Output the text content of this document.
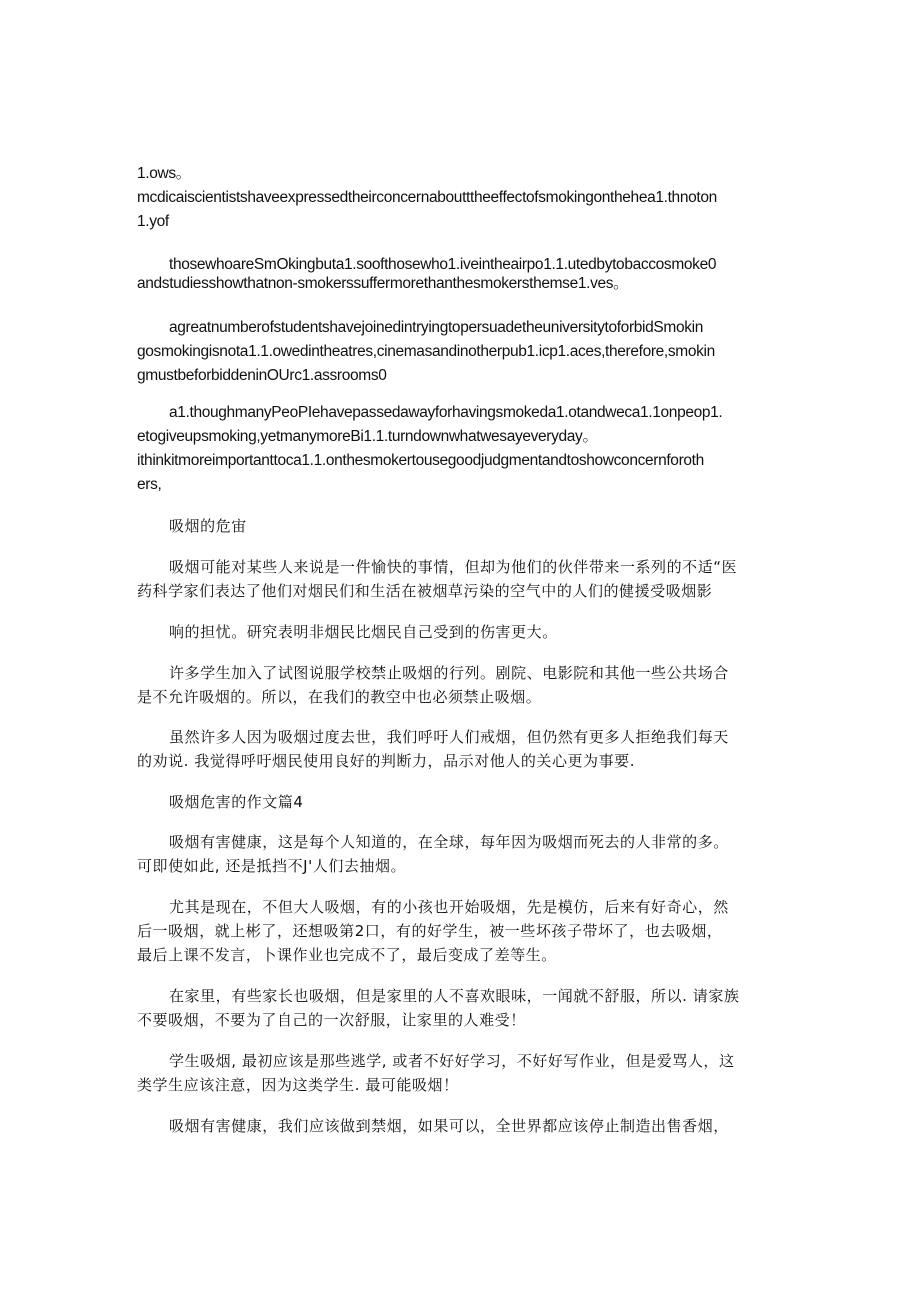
1.ows。
mcdicaiscientistshaveexpressedtheirconcernaboutttheeffectofsmokingonthehea1.thnoton
1.yof
thosewhoareSmOkingbuta1.soofthosewho1.iveintheairpo1.1.utedbytobaccosmoke0
andstudiesshowthatnon-smokerssuffermorethanthesmokersthemse1.ves。
agreatnumberofstudentshavejoinedintryingtopersuadetheuniversitytoforbidSmokin
gosmokingisnota1.1.owedintheatres,cinemasandinotherpub1.icp1.aces,therefore,smokin
gmustbeforbiddeninOUrc1.assrooms0
a1.thoughmanyPeoPIehavepassedawayforhavingsmokeda1.otandweca1.1onpeop1.
etogiveupsmoking,yetmanymoreBi1.1.turndownwhatwesayeveryday。
ithinkitmoreimportanttoca1.1.onthesmokertousegoodjudgmentandtoshowconcernforoth
ers,
吸烟的危宙
吸烟可能对某些人来说是一件愉快的事情，但却为他们的伙伴带来一系列的不适“医
药科学家们表达了他们对烟民们和生活在被烟草污染的空气中的人们的健援受吸烟影
响的担忧。研究表明非烟民比烟民自己受到的伤害更大。
许多学生加入了试图说服学校禁止吸烟的行列。剧院、电影院和其他一些公共场合
是不允许吸烟的。所以，在我们的教空中也必须禁止吸烟。
虽然许多人因为吸烟过度去世，我们呼吁人们戒烟，但仍然有更多人拒绝我们每天
的劝说. 我觉得呼吁烟民使用良好的判断力，品示对他人的关心更为事要.
吸烟危害的作文篇4
吸烟有害健康，这是每个人知道的，在全球，每年因为吸烟而死去的人非常的多。
可即使如此, 还是抵挡不J'人们去抽烟。
尤其是现在，不但大人吸烟，有的小孩也开始吸烟，先是模仿，后来有好奇心，然
后一吸烟，就上彬了，还想吸第2口，有的好学生，被一些坏孩子带坏了，也去吸烟，
最后上课不发言，卜课作业也完成不了，最后变成了差等生。
在家里，有些家长也吸烟，但是家里的人不喜欢眼味，一闻就不舒服，所以. 请家族
不要吸烟，不要为了自己的一次舒服，让家里的人难受！
学生吸烟, 最初应该是那些逃学, 或者不好好学习，不好好写作业，但是爱骂人，这
类学生应该注意，因为这类学生. 最可能吸烟！
吸烟有害健康，我们应该做到禁烟，如果可以，全世界都应该停止制造出售香烟，
